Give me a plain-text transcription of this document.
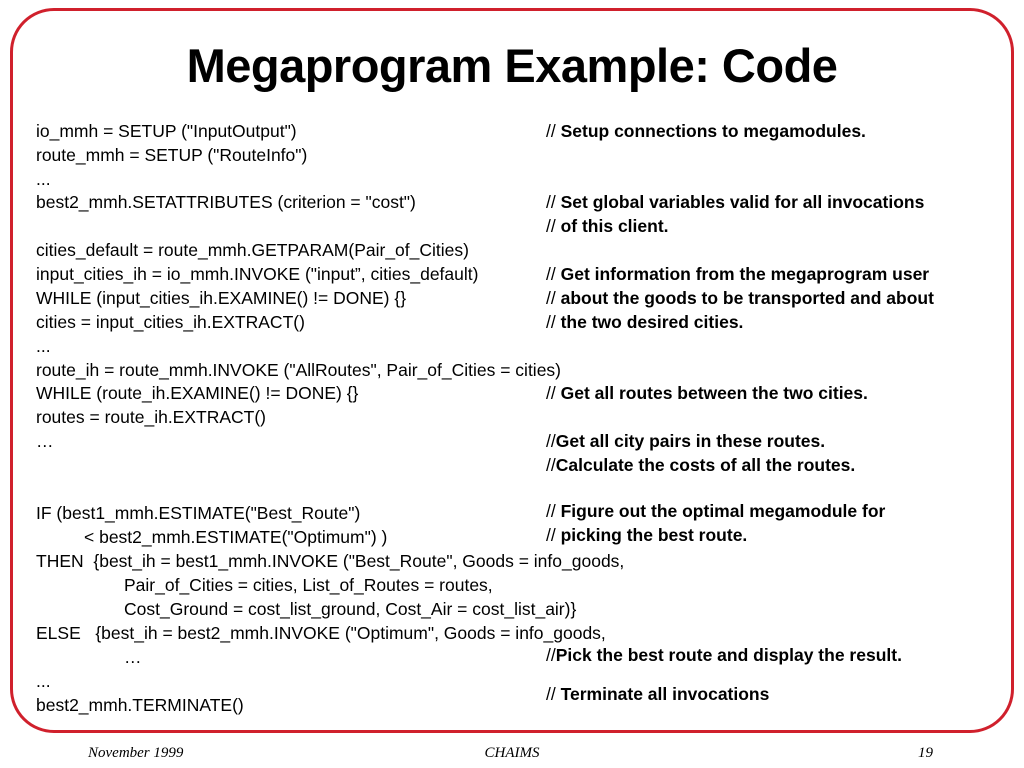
Megaprogram Example: Code
io_mmh = SETUP ("InputOutput")
route_mmh = SETUP ("RouteInfo")
...
best2_mmh.SETATTRIBUTES (criterion = "cost")
cities_default = route_mmh.GETPARAM(Pair_of_Cities)
input_cities_ih = io_mmh.INVOKE ("input”, cities_default)
WHILE (input_cities_ih.EXAMINE() != DONE) {}
cities = input_cities_ih.EXTRACT()
...
route_ih = route_mmh.INVOKE ("AllRoutes", Pair_of_Cities = cities)
WHILE (route_ih.EXAMINE() != DONE) {}
routes = route_ih.EXTRACT()
…
IF (best1_mmh.ESTIMATE("Best_Route")
< best2_mmh.ESTIMATE("Optimum") )
THEN  {best_ih = best1_mmh.INVOKE ("Best_Route", Goods = info_goods,
Pair_of_Cities = cities, List_of_Routes = routes,
Cost_Ground = cost_list_ground, Cost_Air = cost_list_air)}
ELSE   {best_ih = best2_mmh.INVOKE ("Optimum", Goods = info_goods,
…
...
best2_mmh.TERMINATE()
// Setup connections to megamodules.
// Set global variables valid for all invocations
// of this client.
// Get information from the megaprogram user
// about the goods to be transported and about
// the two desired cities.
// Get all routes between the two cities.
//Get all city pairs in these routes.
//Calculate the costs of all the routes.
// Figure out the optimal megamodule for
// picking the best route.
//Pick the best route and display the result.
// Terminate all invocations
November 1999	CHAIMS	19
